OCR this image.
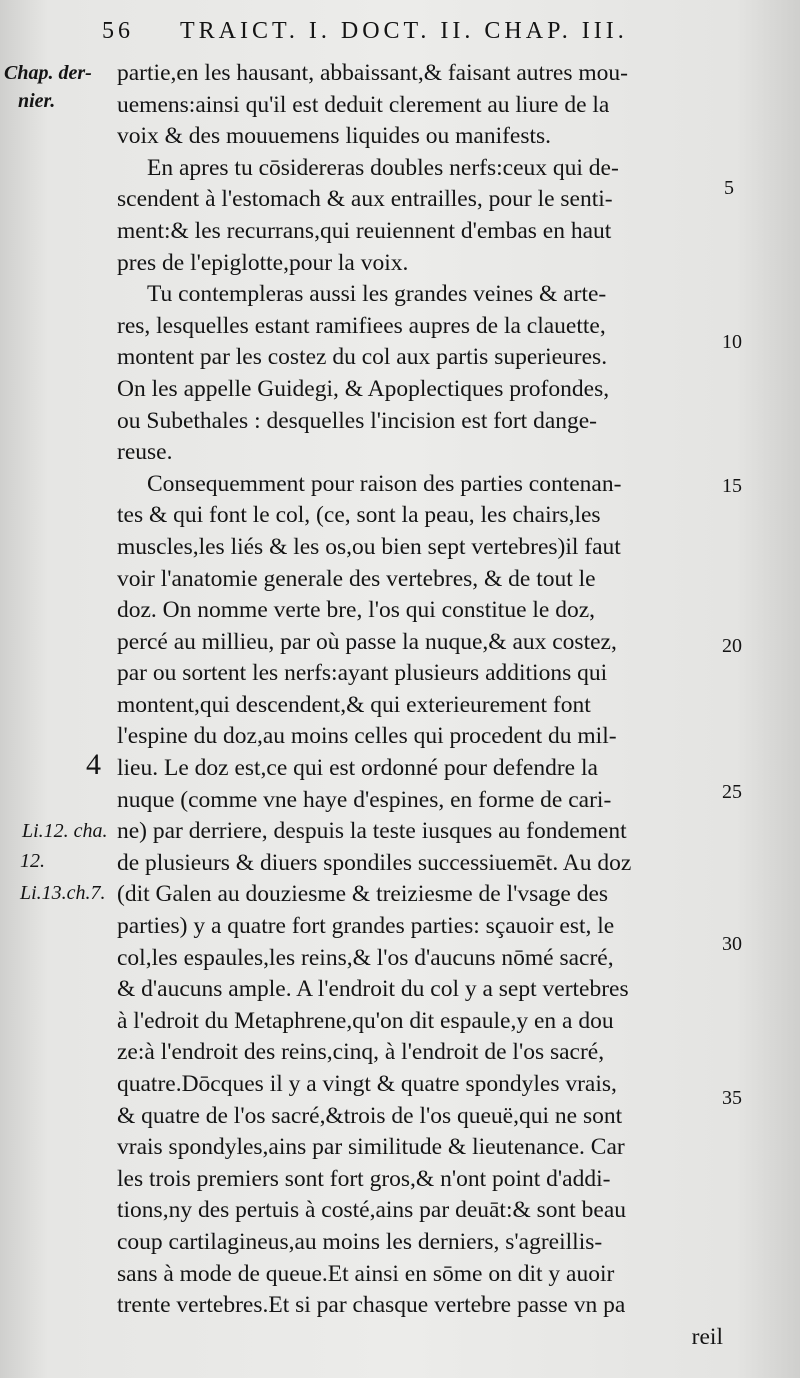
56 TRAICT. I. DOCT. II. CHAP. III.
Chap. der-
nier.
4
Li.12. cha.
12.
Li.13.ch.7.
5
10
15
20
25
30
35
partie,en les hausant, abbaissant,& faisant autres mou-
uemens:ainsi qu'il est deduit clerement au liure de la
voix & des mouuemens liquides ou manifests.
En apres tu cōsidereras doubles nerfs:ceux qui de-
scendent à l'estomach & aux entrailles, pour le senti-
ment:& les recurrans,qui reuiennent d'embas en haut
pres de l'epiglotte,pour la voix.
Tu contempleras aussi les grandes veines & arte-
res, lesquelles estant ramifiees aupres de la clauette,
montent par les costez du col aux partis superieures.
On les appelle Guidegi, & Apoplectiques profondes,
ou Subethales : desquelles l'incision est fort dange-
reuse.
Consequemment pour raison des parties contenan-
tes & qui font le col, (ce, sont la peau, les chairs,les
muscles,les liés & les os,ou bien sept vertebres)il faut
voir l'anatomie generale des vertebres, & de tout le
doz. On nomme verte bre, l'os qui constitue le doz,
percé au millieu, par où passe la nuque,& aux costez,
par ou sortent les nerfs:ayant plusieurs additions qui
montent,qui descendent,& qui exterieurement font
l'espine du doz,au moins celles qui procedent du mil-
lieu. Le doz est,ce qui est ordonné pour defendre la
nuque (comme vne haye d'espines, en forme de cari-
ne) par derriere, despuis la teste iusques au fondement
de plusieurs & diuers spondiles successiuemēt. Au doz
(dit Galen au douziesme & treiziesme de l'vsage des
parties) y a quatre fort grandes parties: sçauoir est, le
col,les espaules,les reins,& l'os d'aucuns nōmé sacré,
& d'aucuns ample. A l'endroit du col y a sept vertebres
à l'edroit du Metaphrene,qu'on dit espaule,y en a dou
ze:à l'endroit des reins,cinq, à l'endroit de l'os sacré,
quatre.Dōcques il y a vingt & quatre spondyles vrais,
& quatre de l'os sacré,&trois de l'os queuë,qui ne sont
vrais spondyles,ains par similitude & lieutenance. Car
les trois premiers sont fort gros,& n'ont point d'addi-
tions,ny des pertuis à costé,ains par deuāt:& sont beau
coup cartilagineus,au moins les derniers, s'agreillis-
sans à mode de queue.Et ainsi en sōme on dit y auoir
trente vertebres.Et si par chasque vertebre passe vn pa
reil
